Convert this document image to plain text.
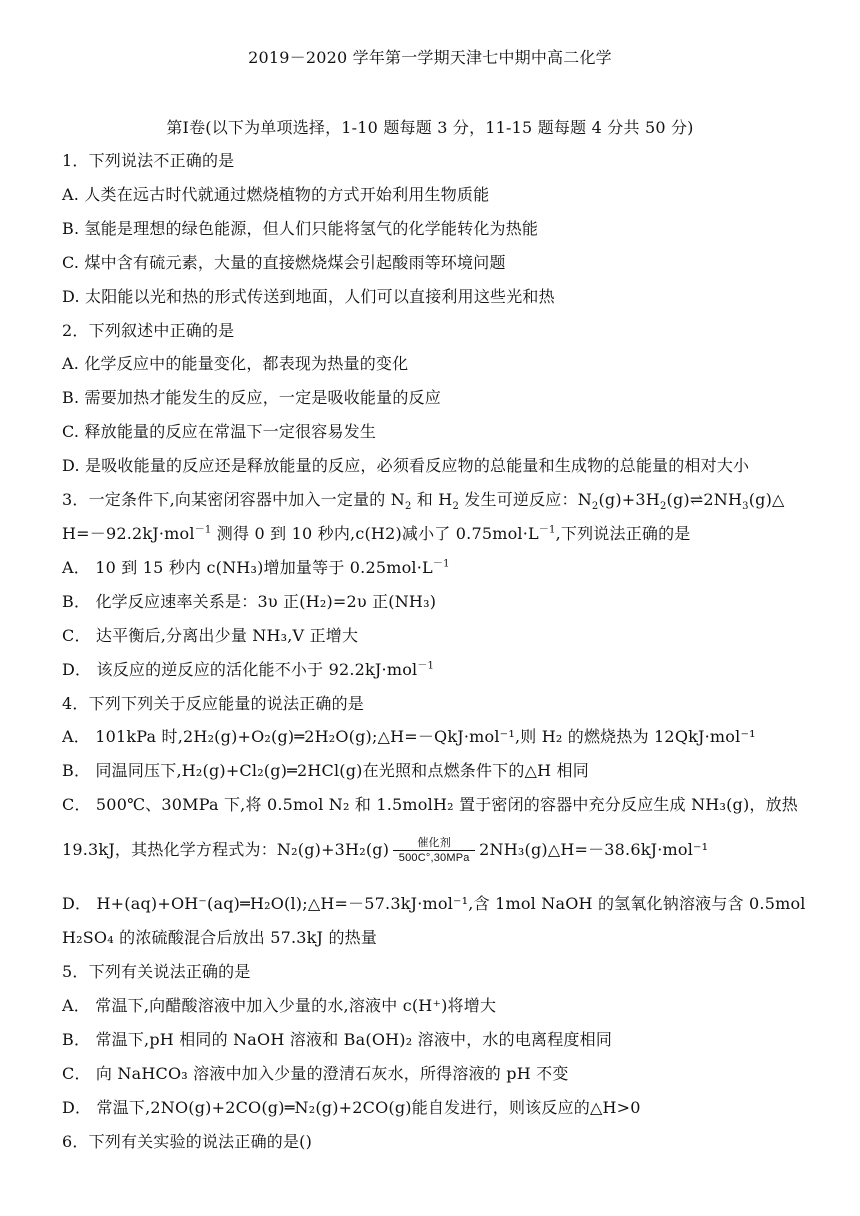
2019－2020 学年第一学期天津七中期中高二化学
第Ⅰ卷(以下为单项选择，1-10 题每题 3 分，11-15 题每题 4 分共 50 分)
1．下列说法不正确的是
A. 人类在远古时代就通过燃烧植物的方式开始利用生物质能
B. 氢能是理想的绿色能源，但人们只能将氢气的化学能转化为热能
C. 煤中含有硫元素，大量的直接燃烧煤会引起酸雨等环境问题
D. 太阳能以光和热的形式传送到地面，人们可以直接利用这些光和热
2．下列叙述中正确的是
A. 化学反应中的能量变化，都表现为热量的变化
B. 需要加热才能发生的反应，一定是吸收能量的反应
C. 释放能量的反应在常温下一定很容易发生
D. 是吸收能量的反应还是释放能量的反应，必须看反应物的总能量和生成物的总能量的相对大小
3．一定条件下,向某密闭容器中加入一定量的 $N_2$ 和 $H_2$ 发生可逆反应：$N_2(g)+3H_2(g)\rightleftharpoons 2NH_3(g)\triangle$
H=－92.2kJ·mol$^{-1}$ 测得 0 到 10 秒内,c(H2)减小了 $0.75mol\cdot L^{-1}$,下列说法正确的是
A． 10 到 15 秒内 c(NH₃)增加量等于 $0.25mol\cdot L^{-1}$
B． 化学反应速率关系是：3υ 正(H₂)=2υ 正(NH₃)
C． 达平衡后,分离出少量 NH₃,V 正增大
D． 该反应的逆反应的活化能不小于 92.2kJ·mol$^{-1}$
4．下列下列关于反应能量的说法正确的是
A． 101kPa 时,2H₂(g)+O₂(g)═2H₂O(g);△H=－QkJ·mol⁻¹,则 H₂ 的燃烧热为 12QkJ·mol⁻¹
B． 同温同压下,H₂(g)+Cl₂(g)═2HCl(g)在光照和点燃条件下的△H 相同
C． 500℃、30MPa 下,将 0.5mol N₂ 和 1.5molH₂ 置于密闭的容器中充分反应生成 NH₃(g)，放热
19.3kJ，其热化学方程式为：$N_2(g)+3H_2(g) \frac{\text{催化剂}}{\text{500C°,30MPa}}$ 2NH₃(g)△H=－38.6kJ·mol⁻¹
D． H+(aq)+OH⁻(aq)═H₂O(l);△H=－57.3kJ·mol⁻¹,含 1mol NaOH 的氢氧化钠溶液与含 0.5mol
H₂SO₄ 的浓硫酸混合后放出 57.3kJ 的热量
5．下列有关说法正确的是
A． 常温下,向醋酸溶液中加入少量的水,溶液中 c(H⁺)将增大
B． 常温下,pH 相同的 NaOH 溶液和 Ba(OH)₂ 溶液中，水的电离程度相同
C． 向 NaHCO₃ 溶液中加入少量的澄清石灰水，所得溶液的 pH 不变
D． 常温下,2NO(g)+2CO(g)═N₂(g)+2CO(g)能自发进行，则该反应的△H>0
6．下列有关实验的说法正确的是()
